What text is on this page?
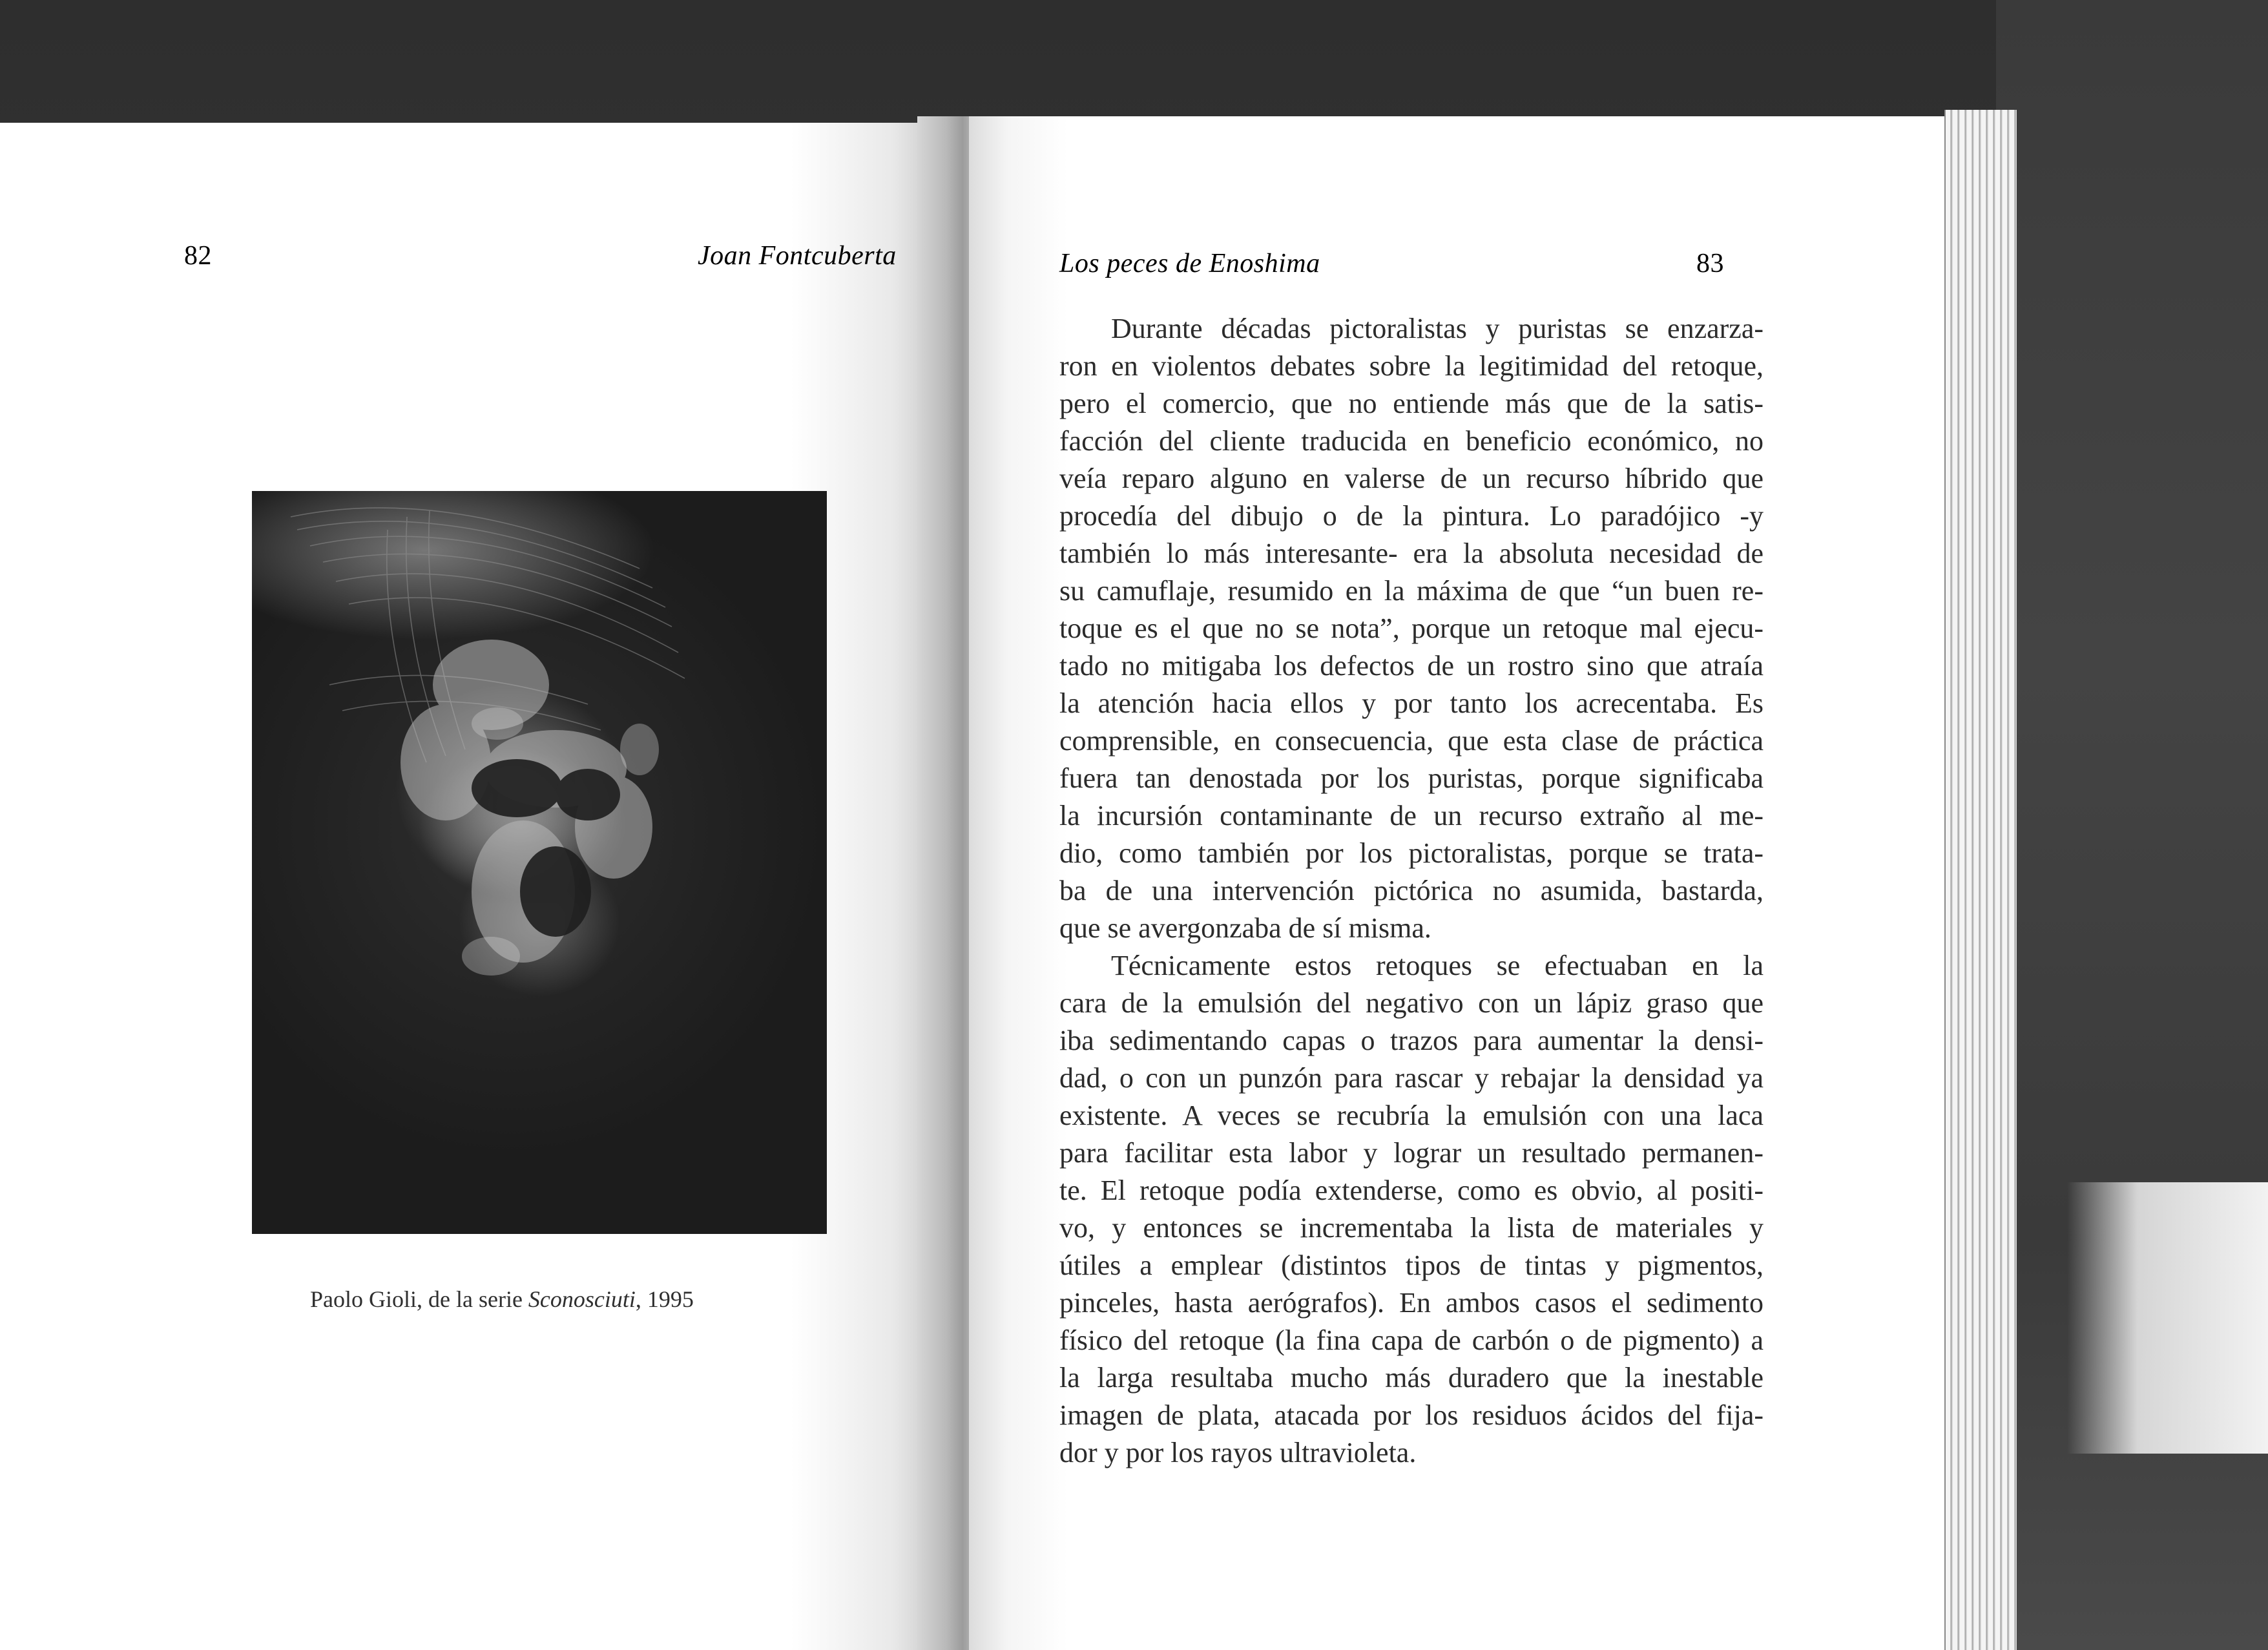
82	Joan Fontcuberta
Paolo Gioli, de la serie Sconosciuti, 1995
Los peces de Enoshima	83
Durante décadas pictoralistas y puristas se enzarza-
ron en violentos debates sobre la legitimidad del retoque,
pero el comercio, que no entiende más que de la satis-
facción del cliente traducida en beneficio económico, no
veía reparo alguno en valerse de un recurso híbrido que
procedía del dibujo o de la pintura. Lo paradójico -y
también lo más interesante- era la absoluta necesidad de
su camuflaje, resumido en la máxima de que “un buen re-
toque es el que no se nota”, porque un retoque mal ejecu-
tado no mitigaba los defectos de un rostro sino que atraía
la atención hacia ellos y por tanto los acrecentaba. Es
comprensible, en consecuencia, que esta clase de práctica
fuera tan denostada por los puristas, porque significaba
la incursión contaminante de un recurso extraño al me-
dio, como también por los pictoralistas, porque se trata-
ba de una intervención pictórica no asumida, bastarda,
que se avergonzaba de sí misma.
Técnicamente estos retoques se efectuaban en la
cara de la emulsión del negativo con un lápiz graso que
iba sedimentando capas o trazos para aumentar la densi-
dad, o con un punzón para rascar y rebajar la densidad ya
existente. A veces se recubría la emulsión con una laca
para facilitar esta labor y lograr un resultado permanen-
te. El retoque podía extenderse, como es obvio, al positi-
vo, y entonces se incrementaba la lista de materiales y
útiles a emplear (distintos tipos de tintas y pigmentos,
pinceles, hasta aerógrafos). En ambos casos el sedimento
físico del retoque (la fina capa de carbón o de pigmento) a
la larga resultaba mucho más duradero que la inestable
imagen de plata, atacada por los residuos ácidos del fija-
dor y por los rayos ultravioleta.
